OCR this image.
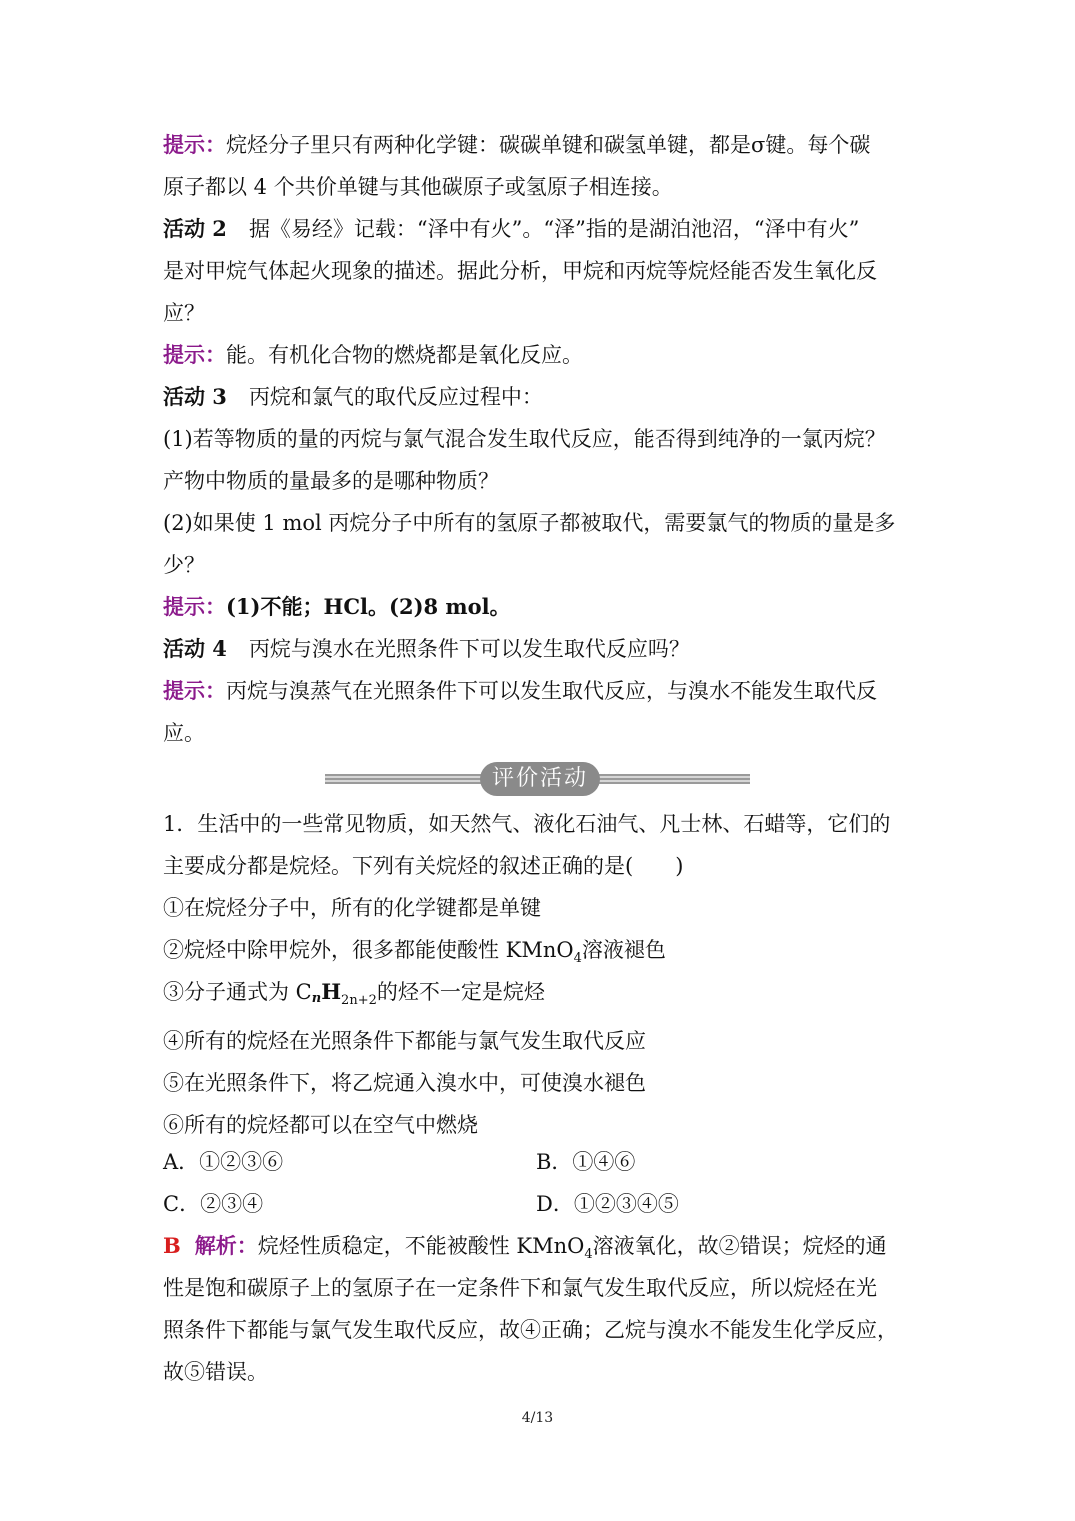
提示：烷烃分子里只有两种化学键：碳碳单键和碳氢单键，都是σ键。每个碳
原子都以 4 个共价单键与其他碳原子或氢原子相连接。
活动 2 据《易经》记载：“泽中有火”。“泽”指的是湖泊池沼，“泽中有火”
是对甲烷气体起火现象的描述。据此分析，甲烷和丙烷等烷烃能否发生氧化反
应？
提示：能。有机化合物的燃烧都是氧化反应。
活动 3 丙烷和氯气的取代反应过程中：
(1)若等物质的量的丙烷与氯气混合发生取代反应，能否得到纯净的一氯丙烷？
产物中物质的量最多的是哪种物质？
(2)如果使 1 mol 丙烷分子中所有的氢原子都被取代，需要氯气的物质的量是多
少？
提示：(1)不能；HCl。(2)8 mol。
活动 4 丙烷与溴水在光照条件下可以发生取代反应吗？
提示：丙烷与溴蒸气在光照条件下可以发生取代反应，与溴水不能发生取代反
应。
评价活动
1．生活中的一些常见物质，如天然气、液化石油气、凡士林、石蜡等，它们的
主要成分都是烷烃。下列有关烷烃的叙述正确的是(　　)
①在烷烃分子中，所有的化学键都是单键
②烷烃中除甲烷外，很多都能使酸性 KMnO$_4$溶液褪色
③分子通式为 CnH$_{2n+2}$的烃不一定是烷烃
④所有的烷烃在光照条件下都能与氯气发生取代反应
⑤在光照条件下，将乙烷通入溴水中，可使溴水褪色
⑥所有的烷烃都可以在空气中燃烧
A．①②③⑥	B．①④⑥
C．②③④	D．①②③④⑤
B 解析：烷烃性质稳定，不能被酸性 KMnO$_4$溶液氧化，故②错误；烷烃的通
性是饱和碳原子上的氢原子在一定条件下和氯气发生取代反应，所以烷烃在光
照条件下都能与氯气发生取代反应，故④正确；乙烷与溴水不能发生化学反应，
故⑤错误。
4/13
